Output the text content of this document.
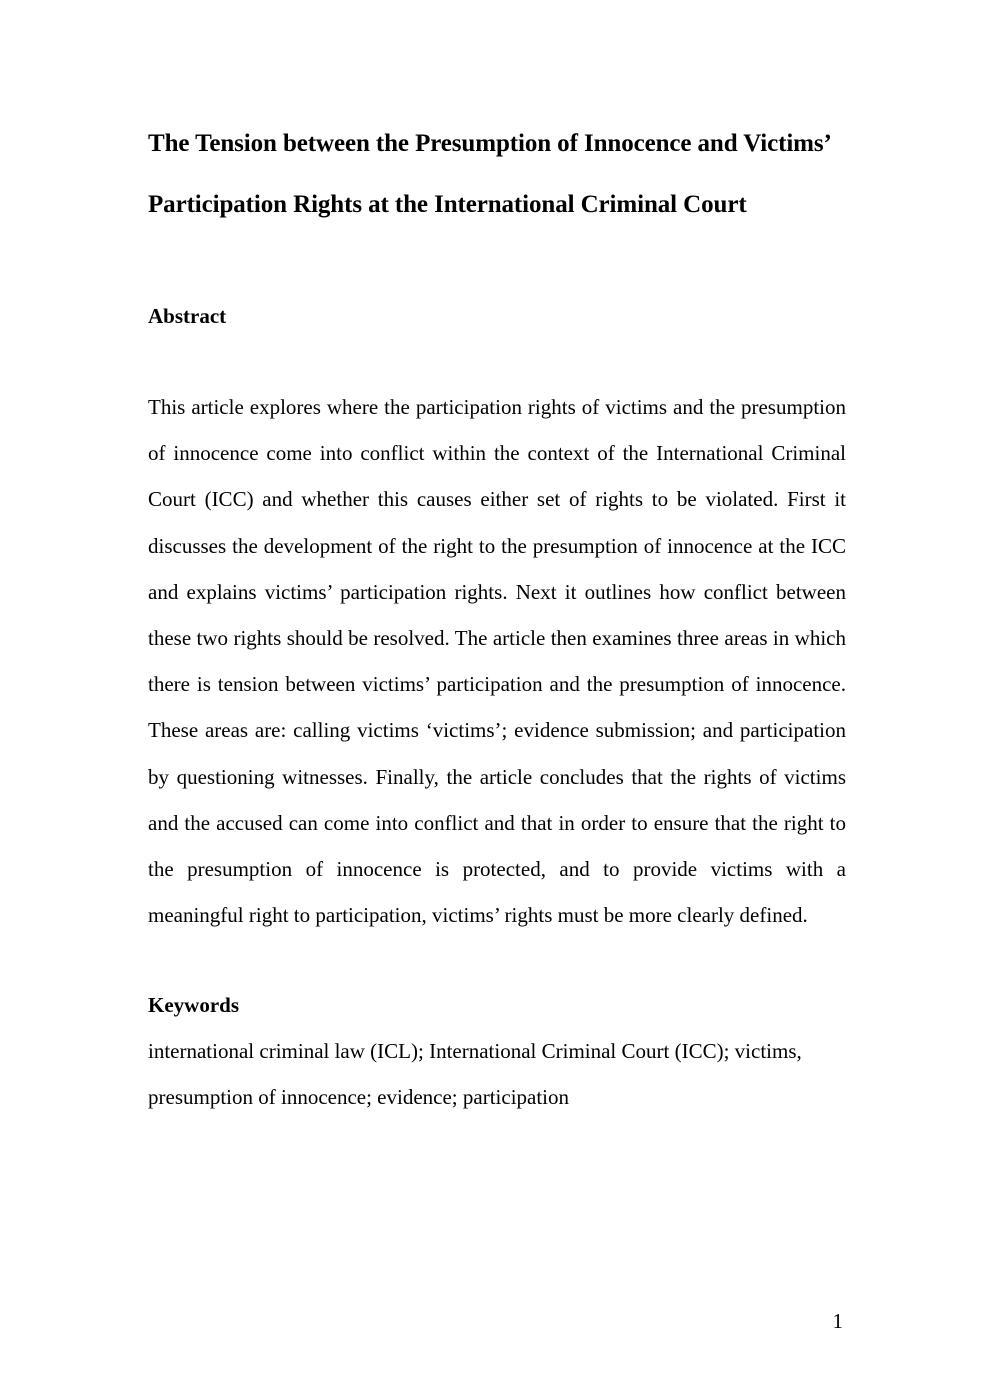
The Tension between the Presumption of Innocence and Victims’ Participation Rights at the International Criminal Court
Abstract

This article explores where the participation rights of victims and the presumption of innocence come into conflict within the context of the International Criminal Court (ICC) and whether this causes either set of rights to be violated. First it discusses the development of the right to the presumption of innocence at the ICC and explains victims’ participation rights. Next it outlines how conflict between these two rights should be resolved. The article then examines three areas in which there is tension between victims’ participation and the presumption of innocence. These areas are: calling victims ‘victims’; evidence submission; and participation by questioning witnesses. Finally, the article concludes that the rights of victims and the accused can come into conflict and that in order to ensure that the right to the presumption of innocence is protected, and to provide victims with a meaningful right to participation, victims’ rights must be more clearly defined.

Keywords
international criminal law (ICL); International Criminal Court (ICC); victims,
presumption of innocence; evidence; participation
1
